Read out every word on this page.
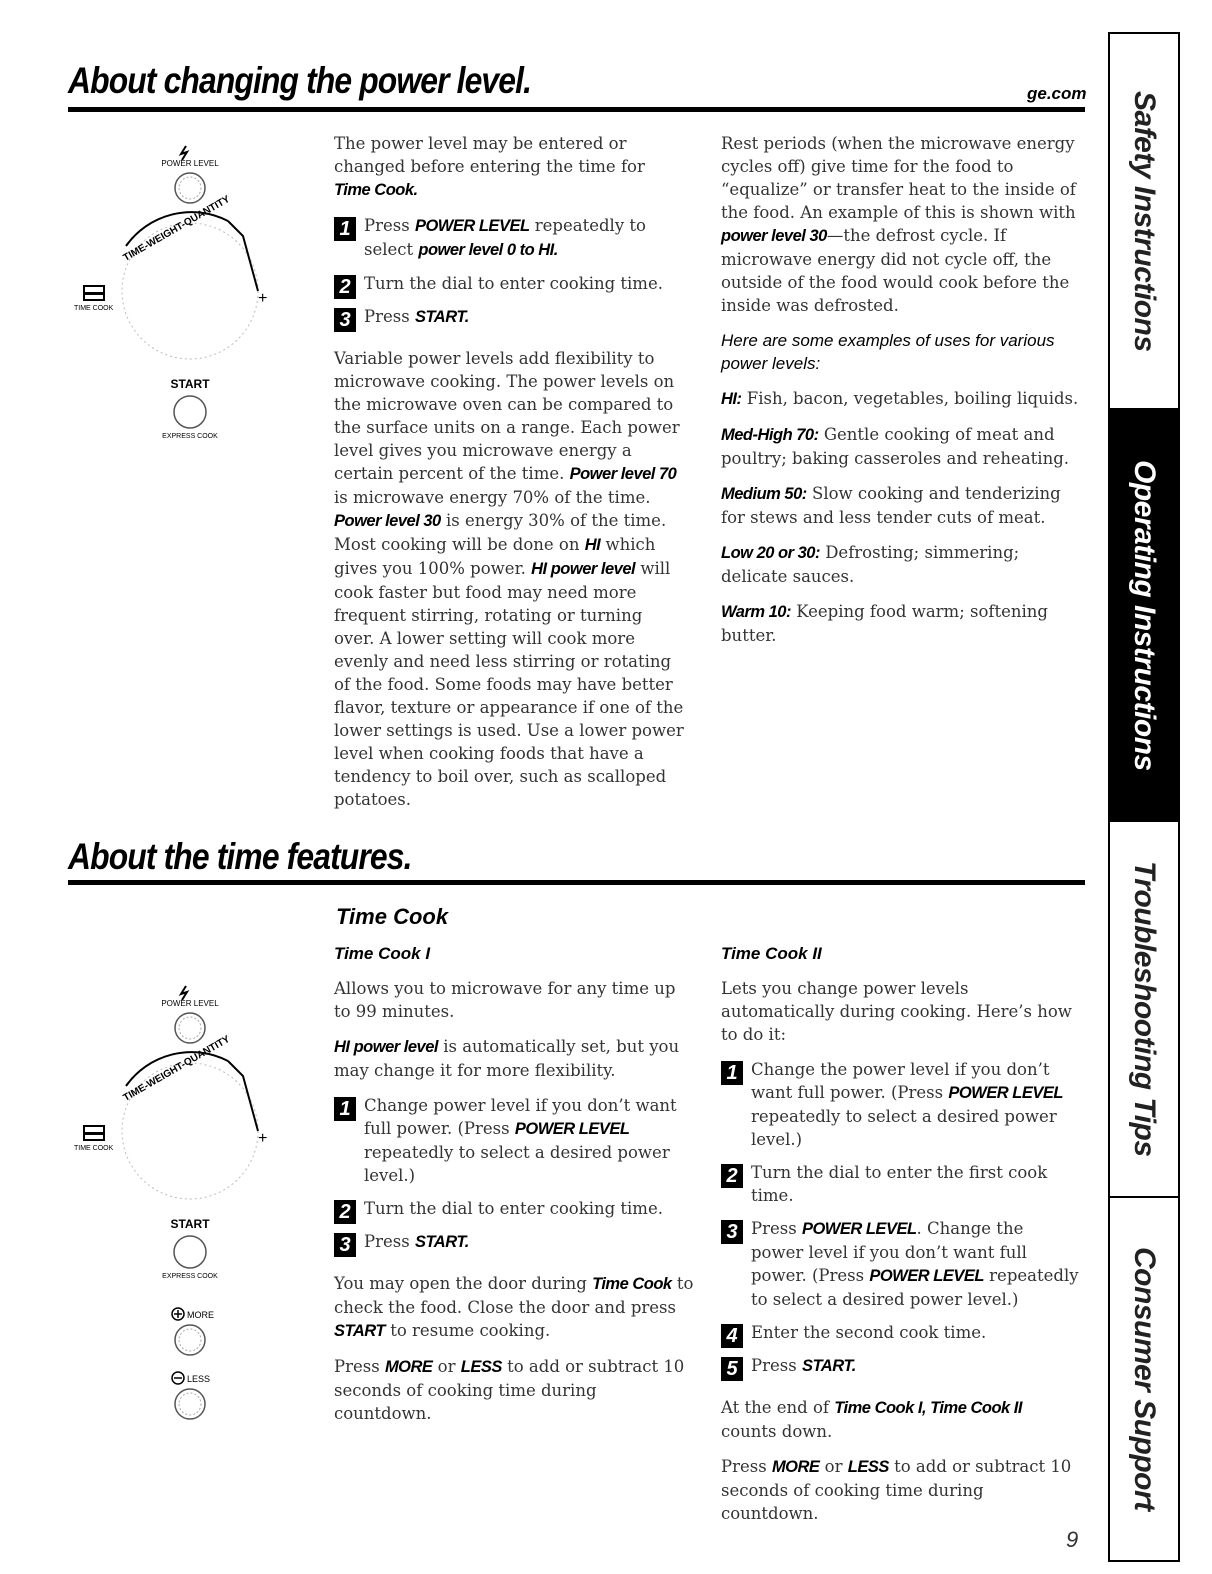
About changing the power level.	ge.com
About the time features.
POWER LEVEL
TIME-WEIGHT-QUANTITY
+
TIME COOK
START
EXPRESS COOK
POWER LEVEL
TIME-WEIGHT-QUANTITY
+
TIME COOK
START
EXPRESS COOK
MORE
LESS

The power level may be entered or changed before entering the time for Time Cook.

1 Press POWER LEVEL repeatedly to select power level 0 to HI.
2 Turn the dial to enter cooking time.
3 Press START.

Variable power levels add flexibility to microwave cooking. The power levels on the microwave oven can be compared to the surface units on a range. Each power level gives you microwave energy a certain percent of the time. Power level 70 is microwave energy 70% of the time. Power level 30 is energy 30% of the time. Most cooking will be done on HI which gives you 100% power. HI power level will cook faster but food may need more frequent stirring, rotating or turning over. A lower setting will cook more evenly and need less stirring or rotating of the food. Some foods may have better flavor, texture or appearance if one of the lower settings is used. Use a lower power level when cooking foods that have a tendency to boil over, such as scalloped potatoes.

Rest periods (when the microwave energy cycles off) give time for the food to “equalize” or transfer heat to the inside of the food. An example of this is shown with power level 30—the defrost cycle. If microwave energy did not cycle off, the outside of the food would cook before the inside was defrosted.

Here are some examples of uses for various power levels:

HI: Fish, bacon, vegetables, boiling liquids.

Med-High 70: Gentle cooking of meat and poultry; baking casseroles and reheating.

Medium 50: Slow cooking and tenderizing for stews and less tender cuts of meat.

Low 20 or 30: Defrosting; simmering; delicate sauces.

Warm 10: Keeping food warm; softening butter.

Time Cook

Time Cook I

Allows you to microwave for any time up to 99 minutes.

HI power level is automatically set, but you may change it for more flexibility.

1 Change power level if you don’t want full power. (Press POWER LEVEL repeatedly to select a desired power level.)
2 Turn the dial to enter cooking time.
3 Press START.

You may open the door during Time Cook to check the food. Close the door and press START to resume cooking.

Press MORE or LESS to add or subtract 10 seconds of cooking time during countdown.

Time Cook II

Lets you change power levels automatically during cooking. Here’s how to do it:

1 Change the power level if you don’t want full power. (Press POWER LEVEL repeatedly to select a desired power level.)
2 Turn the dial to enter the first cook time.
3 Press POWER LEVEL. Change the power level if you don’t want full power. (Press POWER LEVEL repeatedly to select a desired power level.)
4 Enter the second cook time.
5 Press START.

At the end of Time Cook I, Time Cook II counts down.

Press MORE or LESS to add or subtract 10 seconds of cooking time during countdown.

9
Safety Instructions
Operating Instructions
Troubleshooting Tips
Consumer Support
